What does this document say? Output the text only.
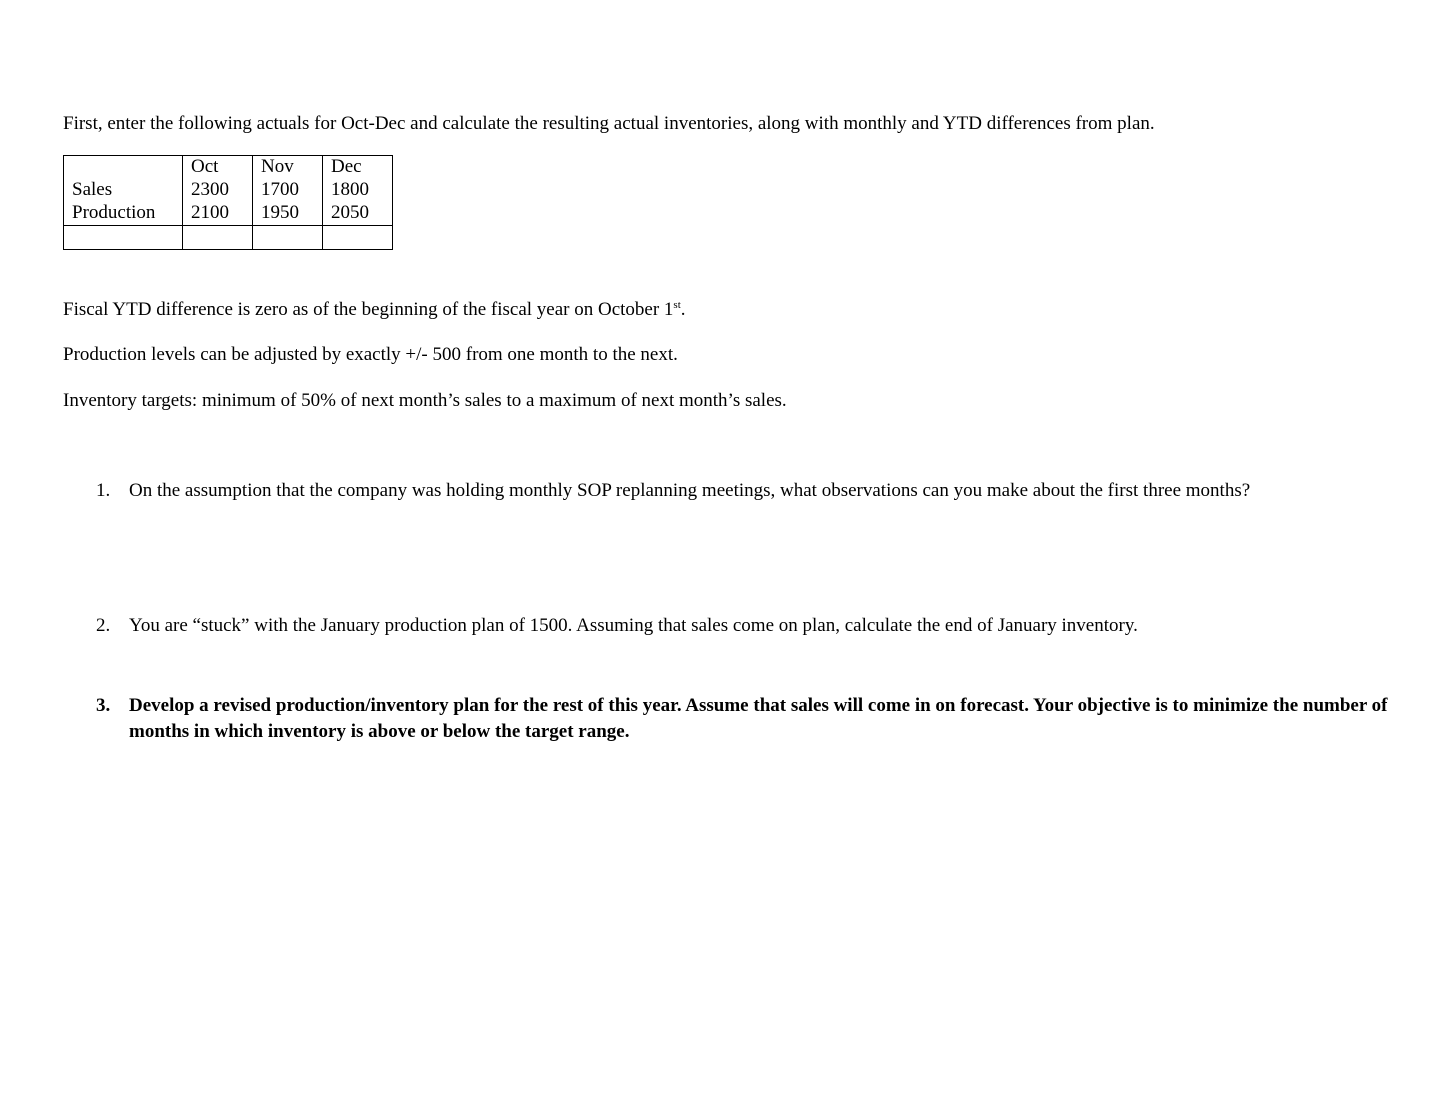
First, enter the following actuals for Oct-Dec and calculate the resulting actual inventories, along with monthly and YTD differences from plan.
	Oct	Nov	Dec
Sales	2300	1700	1800
Production	2100	1950	2050

Fiscal YTD difference is zero as of the beginning of the fiscal year on October 1st.
Production levels can be adjusted by exactly +/- 500 from one month to the next.
Inventory targets: minimum of 50% of next month’s sales to a maximum of next month’s sales.
1. On the assumption that the company was holding monthly SOP replanning meetings, what observations can you make about the first three months?
2. You are “stuck” with the January production plan of 1500. Assuming that sales come on plan, calculate the end of January inventory.
3. Develop a revised production/inventory plan for the rest of this year. Assume that sales will come in on forecast. Your objective is to minimize the number of months in which inventory is above or below the target range.
